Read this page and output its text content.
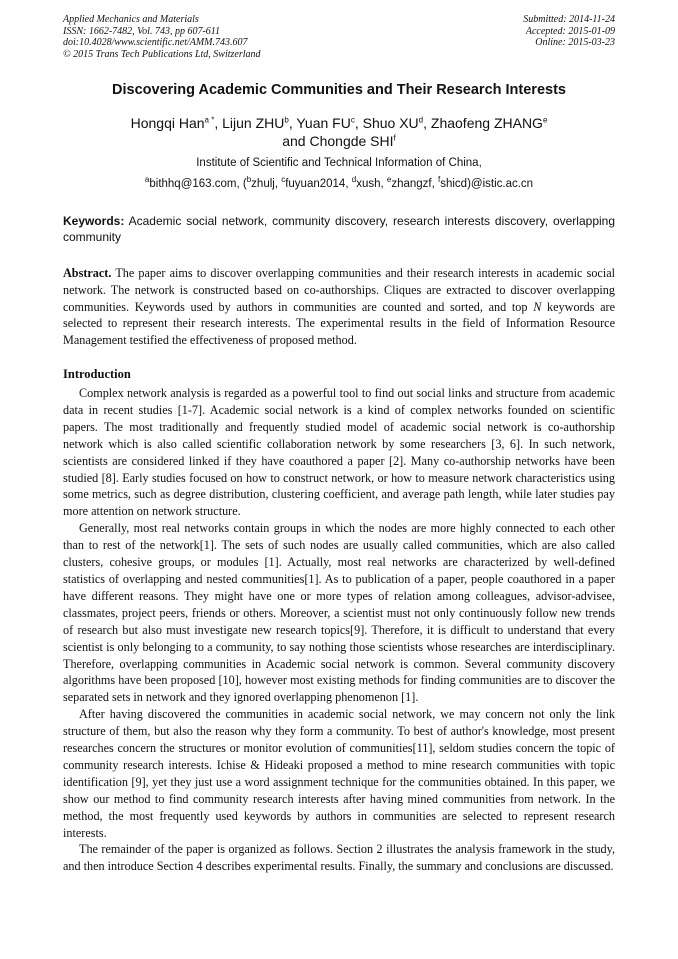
Applied Mechanics and Materials
ISSN: 1662-7482, Vol. 743, pp 607-611
doi:10.4028/www.scientific.net/AMM.743.607
© 2015 Trans Tech Publications Ltd, Switzerland
Submitted: 2014-11-24
Accepted: 2015-01-09
Online: 2015-03-23
Discovering Academic Communities and Their Research Interests
Hongqi Han$^{a *}$, Lijun ZHU$^b$, Yuan $FU^c$, Shuo $XU^d$, Zhaofeng ZHANG$^e$
and Chongde SHI$^f$
Institute of Scientific and Technical Information of China,
$^a$bithhq@163.com, ($^b$zhulj, $^c$fuyuan2014, $^d$xush, $^e$zhangzf, $^f$shicd)@istic.ac.cn
Keywords: Academic social network, community discovery, research interests discovery, overlapping community
Abstract. The paper aims to discover overlapping communities and their research interests in academic social network. The network is constructed based on co-authorships. Cliques are extracted to discover overlapping communities. Keywords used by authors in communities are counted and sorted, and top N keywords are selected to represent their research interests. The experimental results in the field of Information Resource Management testified the effectiveness of proposed method.
Introduction

Complex network analysis is regarded as a powerful tool to find out social links and structure from academic data in recent studies [1-7]. Academic social network is a kind of complex networks founded on scientific papers. The most traditionally and frequently studied model of academic social network is co-authorship network which is also called scientific collaboration network by some researchers [3, 6]. In such network, scientists are considered linked if they have coauthored a paper [2]. Many co-authorship networks have been studied [8]. Early studies focused on how to construct network, or how to measure network characteristics using some metrics, such as degree distribution, clustering coefficient, and average path length, while later studies pay more attention on network structure.

Generally, most real networks contain groups in which the nodes are more highly connected to each other than to rest of the network[1]. The sets of such nodes are usually called communities, which are also called clusters, cohesive groups, or modules [1]. Actually, most real networks are characterized by well-defined statistics of overlapping and nested communities[1]. As to publication of a paper, people coauthored in a paper have different reasons. They might have one or more types of relation among colleagues, advisor-advisee, classmates, project peers, friends or others. Moreover, a scientist must not only continuously follow new trends of research but also must investigate new research topics[9]. Therefore, it is difficult to understand that every scientist is only belonging to a community, to say nothing those scientists whose researches are interdisciplinary. Therefore, overlapping communities in Academic social network is common. Several community discovery algorithms have been proposed [10], however most existing methods for finding communities are to discover the separated sets in network and they ignored overlapping phenomenon [1].

After having discovered the communities in academic social network, we may concern not only the link structure of them, but also the reason why they form a community. To best of author's knowledge, most present researches concern the structures or monitor evolution of communities[11], seldom studies concern the topic of community research interests. Ichise & Hideaki proposed a method to mine research communities with topic identification [9], yet they just use a word assignment technique for the communities obtained. In this paper, we show our method to find community research interests after having mined communities from network. In the method, the most frequently used keywords by authors in communities are selected to represent research interests.

The remainder of the paper is organized as follows. Section 2 illustrates the analysis framework in the study, and then introduce Section 4 describes experimental results. Finally, the summary and conclusions are discussed.
